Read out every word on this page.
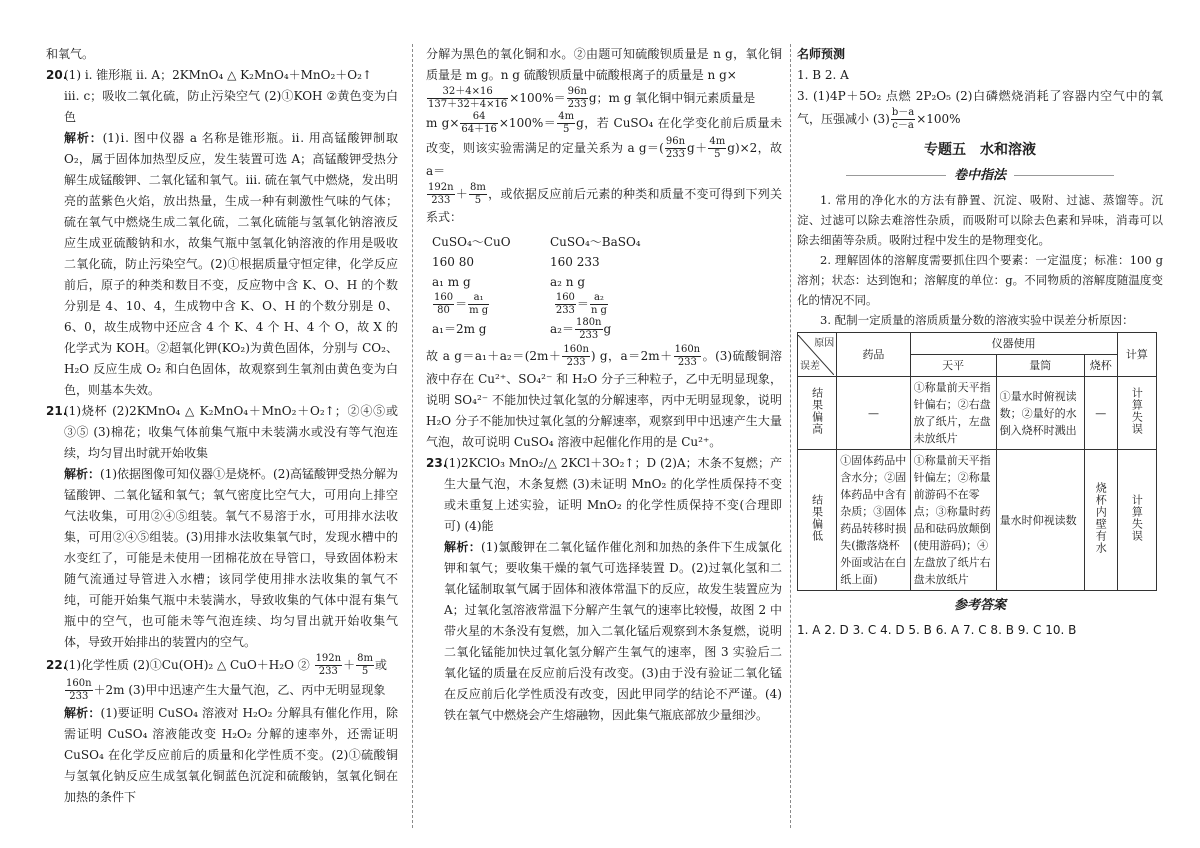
和氧气。

20.(1) ⅰ. 锥形瓶 ⅱ. A；2KMnO₄ △ K₂MnO₄＋MnO₂＋O₂↑

ⅲ. c；吸收二氧化硫，防止污染空气 (2)①KOH ②黄色变为白色

解析：(1)ⅰ. 图中仪器 a 名称是锥形瓶。ⅱ. 用高锰酸钾制取 O₂，属于固体加热型反应，发生装置可选 A；高锰酸钾受热分解生成锰酸钾、二氧化锰和氧气。ⅲ. 硫在氧气中燃烧，发出明亮的蓝紫色火焰，放出热量，生成一种有刺激性气味的气体；硫在氧气中燃烧生成二氧化硫，二氧化硫能与氢氧化钠溶液反应生成亚硫酸钠和水，故集气瓶中氢氧化钠溶液的作用是吸收二氧化硫，防止污染空气。(2)①根据质量守恒定律，化学反应前后，原子的种类和数目不变，反应物中含 K、O、H 的个数分别是 4、10、4，生成物中含 K、O、H 的个数分别是 0、6、0，故生成物中还应含 4 个 K、4 个 H、4 个 O，故 X 的化学式为 KOH。②超氧化钾(KO₂)为黄色固体，分别与 CO₂、H₂O 反应生成 O₂ 和白色固体，故观察到生氧剂由黄色变为白色，则基本失效。

21.(1)烧杯 (2)2KMnO₄ △ K₂MnO₄＋MnO₂＋O₂↑；②④⑤或③⑤ (3)棉花；收集气体前集气瓶中未装满水或没有等气泡连续，均匀冒出时就开始收集

解析：(1)依据图像可知仪器①是烧杯。(2)高锰酸钾受热分解为锰酸钾、二氧化锰和氧气；氧气密度比空气大，可用向上排空气法收集，可用②④⑤组装。氧气不易溶于水，可用排水法收集，可用②④⑤组装。(3)用排水法收集氧气时，发现水槽中的水变红了，可能是未使用一团棉花放在导管口，导致固体粉末随气流通过导管进入水槽；该同学使用排水法收集的氧气不纯，可能开始集气瓶中未装满水，导致收集的气体中混有集气瓶中的空气，也可能未等气泡连续、均匀冒出就开始收集气体，导致开始排出的装置内的空气。

22.(1)化学性质 (2)①Cu(OH)₂ △ CuO＋H₂O ② $\frac{192n}{233} + \frac{8m}{5}$ 或

$\frac{160n}{233} +2m$ (3)甲中迅速产生大量气泡，乙、丙中无明显现象

解析：(1)要证明 CuSO₄ 溶液对 H₂O₂ 分解具有催化作用，除需证明 CuSO₄ 溶液能改变 H₂O₂ 分解的速率外，还需证明 CuSO₄ 在化学反应前后的质量和化学性质不变。(2)①硫酸铜与氢氧化钠反应生成氢氧化铜蓝色沉淀和硫酸钠，氢氧化铜在加热的条件下

分解为黑色的氧化铜和水。②由题可知硫酸钡质量是 n g，氧化铜质量是 m g。n g 硫酸钡质量中硫酸根离子的质量是 n g×

$\frac{32+4\times 16}{137+32+4\times 16} \times 100\%= \frac{96n}{233}$ g；m g 氧化铜中铜元素质量是
m $g\times \frac{64}{64+16} \times 100\%= \frac{4m}{5}$ g，若 CuSO₄ 在化学变化前后质量未改变，则该实验需满足的定量关系为 a $g=( \frac{96n}{233} g+ \frac{4m}{5} g)\times 2$，故 a＝

$\frac{192n}{233} + \frac{8m}{5}$ ，或依据反应前后元素的种类和质量不变可得到下列关系式：

CuSO₄～CuO	CuSO₄～BaSO₄
160 80	160 233
a₁ m g	a₂ n g
$\frac{160}{80} = \frac{\text{a₁}}{\text{m g}}$
	$\frac{160}{233} = \frac{\text{a₂}}{\text{n g}}$
a₁＝2m g	$a_2= \frac{180n}{233}$ g

故 a $g=a_1+a_2=(2m+ \frac{160n}{233}$ ) g，$a=2m+ \frac{160n}{233}$ 。(3)硫酸铜溶液中存在 Cu²⁺、SO₄²⁻ 和 H₂O 分子三种粒子，乙中无明显现象，说明 SO₄²⁻ 不能加快过氧化氢的分解速率，丙中无明显现象，说明 H₂O 分子不能加快过氧化氢的分解速率，观察到甲中迅速产生大量气泡，故可说明 CuSO₄ 溶液中起催化作用的是 Cu²⁺。

23.(1)2KClO₃ MnO₂/△ 2KCl＋3O₂↑；D (2)A；木条不复燃；产生大量气泡，木条复燃 (3)未证明 MnO₂ 的化学性质保持不变或未重复上述实验，证明 MnO₂ 的化学性质保持不变(合理即可) (4)能

解析：(1)氯酸钾在二氧化锰作催化剂和加热的条件下生成氯化钾和氧气；要收集干燥的氧气可选择装置 D。(2)过氧化氢和二氧化锰制取氧气属于固体和液体常温下的反应，故发生装置应为 A；过氧化氢溶液常温下分解产生氧气的速率比较慢，故图 2 中带火星的木条没有复燃，加入二氧化锰后观察到木条复燃，说明二氧化锰能加快过氧化氢分解产生氧气的速率，图 3 实验后二氧化锰的质量在反应前后没有改变。(3)由于没有验证二氧化锰在反应前后化学性质没有改变，因此甲同学的结论不严谨。(4)铁在氧气中燃烧会产生熔融物，因此集气瓶底部放少量细沙。

名师预测

1. B 2. A

3. (1)4P＋5O₂ 点燃 2P₂O₅ (2)白磷燃烧消耗了容器内空气中的氧气，压强减小 $(3) \frac{b-a}{c-a} \times 100\%$

专题五　水和溶液
卷中指法

1. 常用的净化水的方法有静置、沉淀、吸附、过滤、蒸馏等。沉淀、过滤可以除去难溶性杂质，而吸附可以除去色素和异味，消毒可以除去细菌等杂质。吸附过程中发生的是物理变化。

2. 理解固体的溶解度需要抓住四个要素：一定温度；标准：100 g 溶剂；状态：达到饱和；溶解度的单位：g。不同物质的溶解度随温度变化的情况不同。

3. 配制一定质量的溶质质量分数的溶液实验中误差分析原因：

原因
误差	药品	仪器使用			计算
		天平	量筒	烧杯	
结果偏高	—	①称量前天平指针偏右；②右盘放了纸片，左盘未放纸片	①量水时俯视读数；②量好的水倒入烧杯时溅出	—	计算失误
结果偏低	①固体药品中含水分；②固体药品中含有杂质；③固体药品转移时损失(撒落烧杯外面或沾在白纸上面)	①称量前天平指针偏左；②称量前游码不在零点；③称量时药品和砝码放颠倒(使用游码)；④左盘放了纸片右盘未放纸片	量水时仰视读数	烧杯内壁有水	计算失误
参考答案

1. A 2. D 3. C 4. D 5. B 6. A 7. C 8. B 9. C 10. B
